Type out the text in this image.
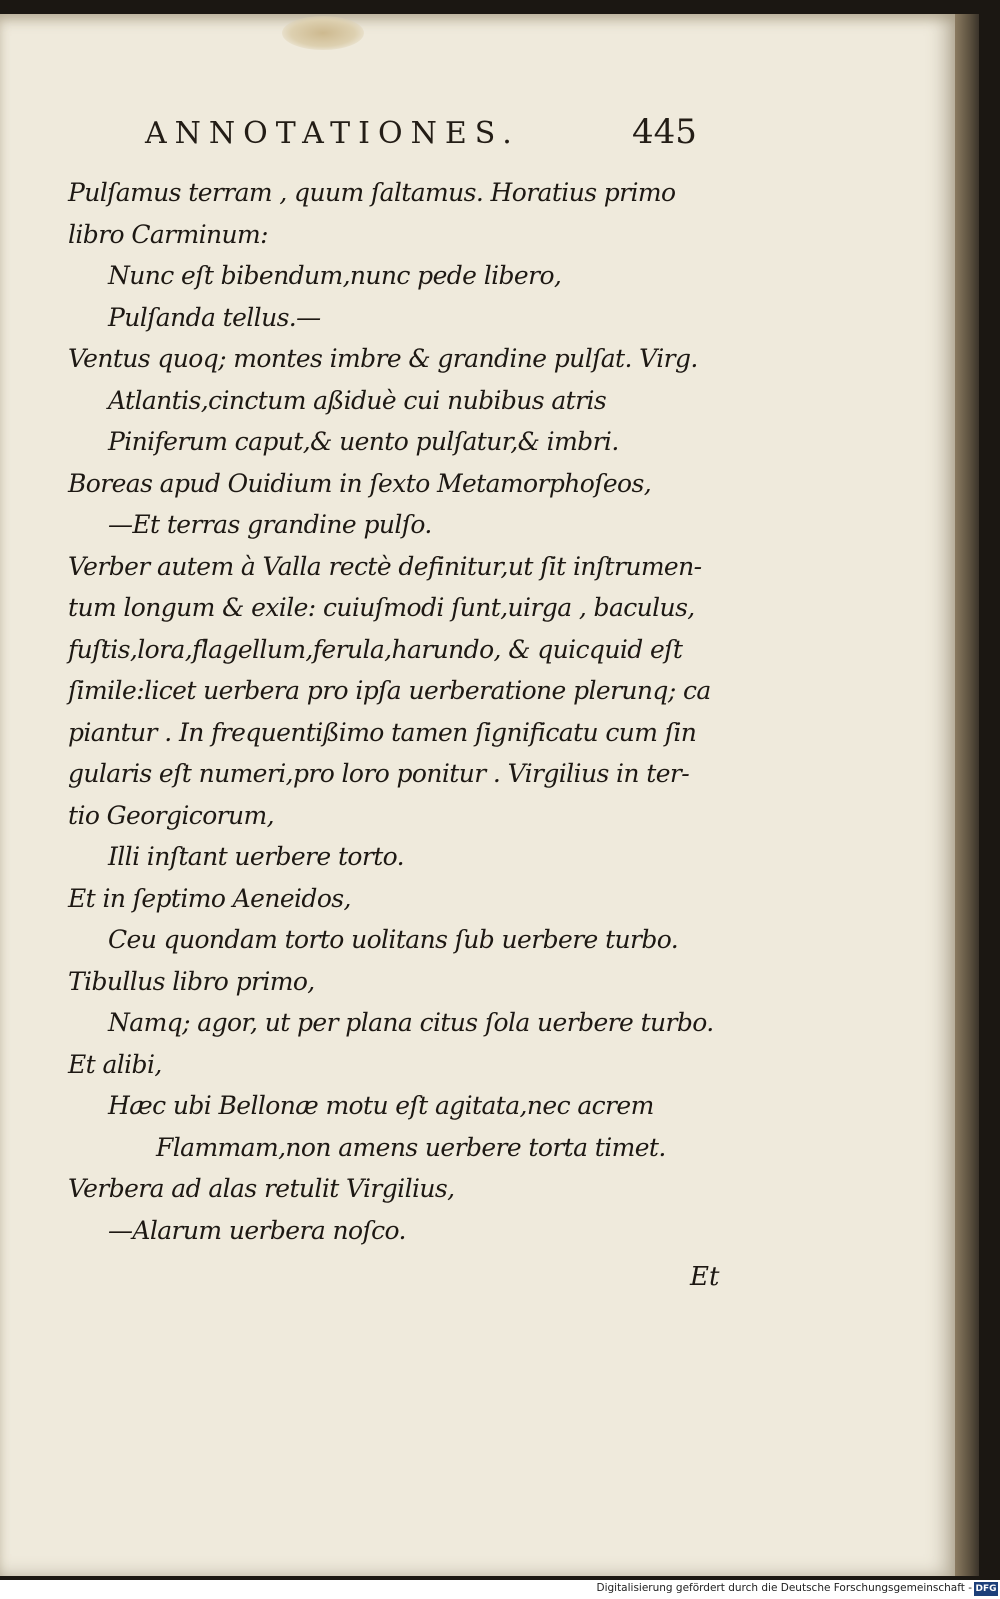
ANNOTATIONES.	445
Pulſamus terram , quum ſaltamus. Horatius primo
libro Carminum:
Nunc eſt bibendum,nunc pede libero,
Pulſanda tellus.—
Ventus quoq; montes imbre & grandine pulſat. Virg.
Atlantis,cinctum aßiduè cui nubibus atris
Piniferum caput,& uento pulſatur,& imbri.
Boreas apud Ouidium in ſexto Metamorphoſeos,
—Et terras grandine pulſo.
Verber autem à Valla rectè definitur,ut ſit inſtrumen-
tum longum & exile: cuiuſmodi ſunt,uirga , baculus,
fuſtis,lora,flagellum,ferula,harundo, & quicquid eſt
ſimile:licet uerbera pro ipſa uerberatione plerunq; ca
piantur . In frequentißimo tamen ſignificatu cum ſin
gularis eſt numeri,pro loro ponitur . Virgilius in ter-
tio Georgicorum,
Illi inſtant uerbere torto.
Et in ſeptimo Aeneidos,
Ceu quondam torto uolitans ſub uerbere turbo.
Tibullus libro primo,
Namq; agor, ut per plana citus ſola uerbere turbo.
Et alibi,
Hæc ubi Bellonæ motu eſt agitata,nec acrem
Flammam,non amens uerbere torta timet.
Verbera ad alas retulit Virgilius,
—Alarum uerbera noſco.
Et
Digitalisierung gefördert durch die Deutsche Forschungsgemeinschaft - DFG
